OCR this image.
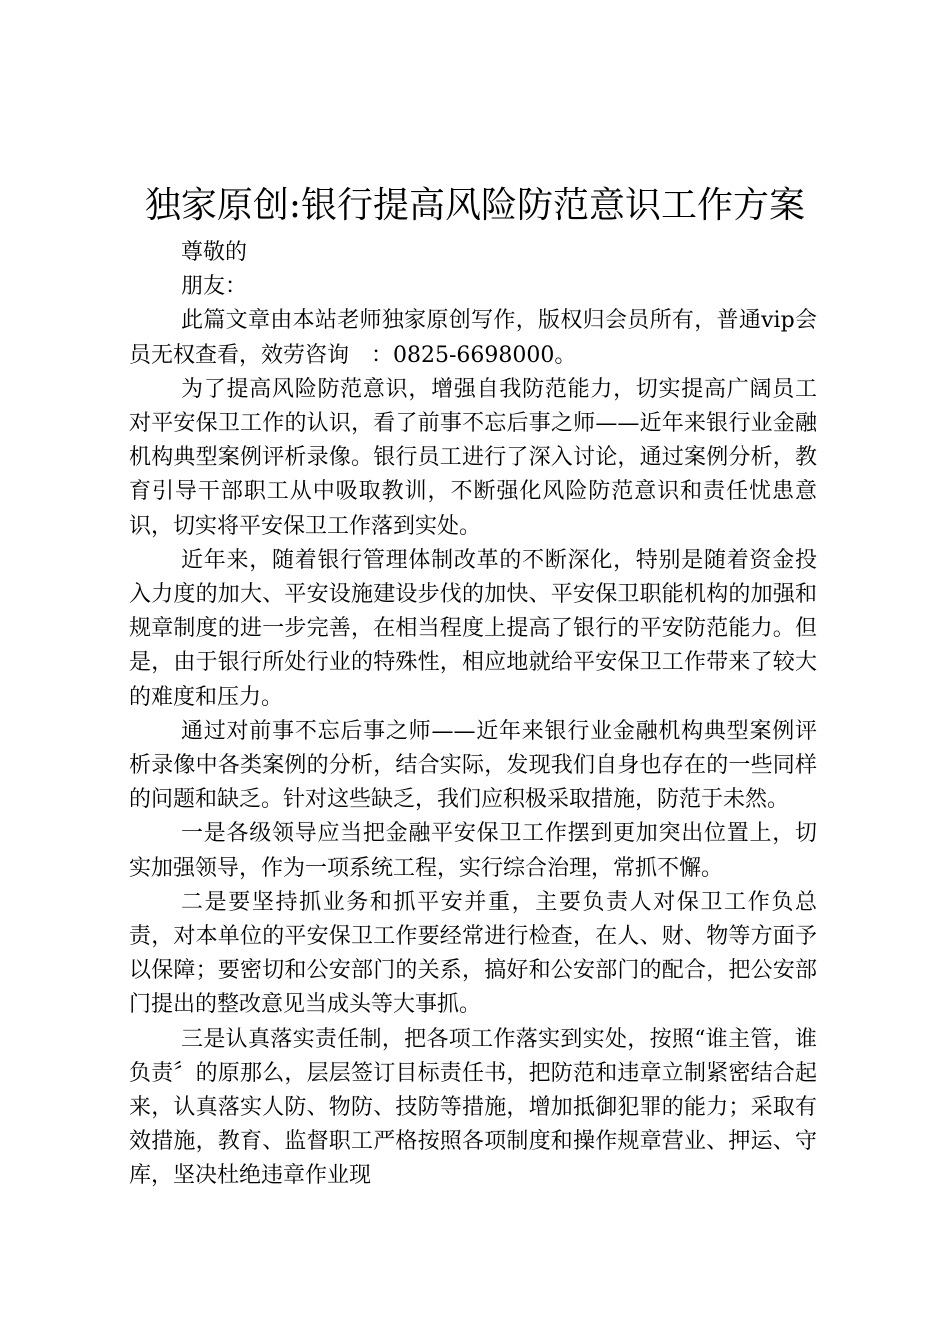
独家原创:银行提高风险防范意识工作方案

尊敬的

朋友：

此篇文章由本站老师独家原创写作，版权归会员所有，普通vip会员无权查看，效劳咨询　：0825-6698000。

为了提高风险防范意识，增强自我防范能力，切实提高广阔员工对平安保卫工作的认识，看了前事不忘后事之师——近年来银行业金融机构典型案例评析录像。银行员工进行了深入讨论，通过案例分析，教育引导干部职工从中吸取教训，不断强化风险防范意识和责任忧患意识，切实将平安保卫工作落到实处。

近年来，随着银行管理体制改革的不断深化，特别是随着资金投入力度的加大、平安设施建设步伐的加快、平安保卫职能机构的加强和规章制度的进一步完善，在相当程度上提高了银行的平安防范能力。但是，由于银行所处行业的特殊性，相应地就给平安保卫工作带来了较大的难度和压力。

通过对前事不忘后事之师——近年来银行业金融机构典型案例评析录像中各类案例的分析，结合实际，发现我们自身也存在的一些同样的问题和缺乏。针对这些缺乏，我们应积极采取措施，防范于未然。

一是各级领导应当把金融平安保卫工作摆到更加突出位置上，切实加强领导，作为一项系统工程，实行综合治理，常抓不懈。

二是要坚持抓业务和抓平安并重，主要负责人对保卫工作负总责，对本单位的平安保卫工作要经常进行检查，在人、财、物等方面予以保障；要密切和公安部门的关系，搞好和公安部门的配合，把公安部门提出的整改意见当成头等大事抓。

三是认真落实责任制，把各项工作落实到实处，按照“谁主管，谁负责〞的原那么，层层签订目标责任书，把防范和违章立制紧密结合起来，认真落实人防、物防、技防等措施，增加抵御犯罪的能力；采取有效措施，教育、监督职工严格按照各项制度和操作规章营业、押运、守库，坚决杜绝违章作业现
